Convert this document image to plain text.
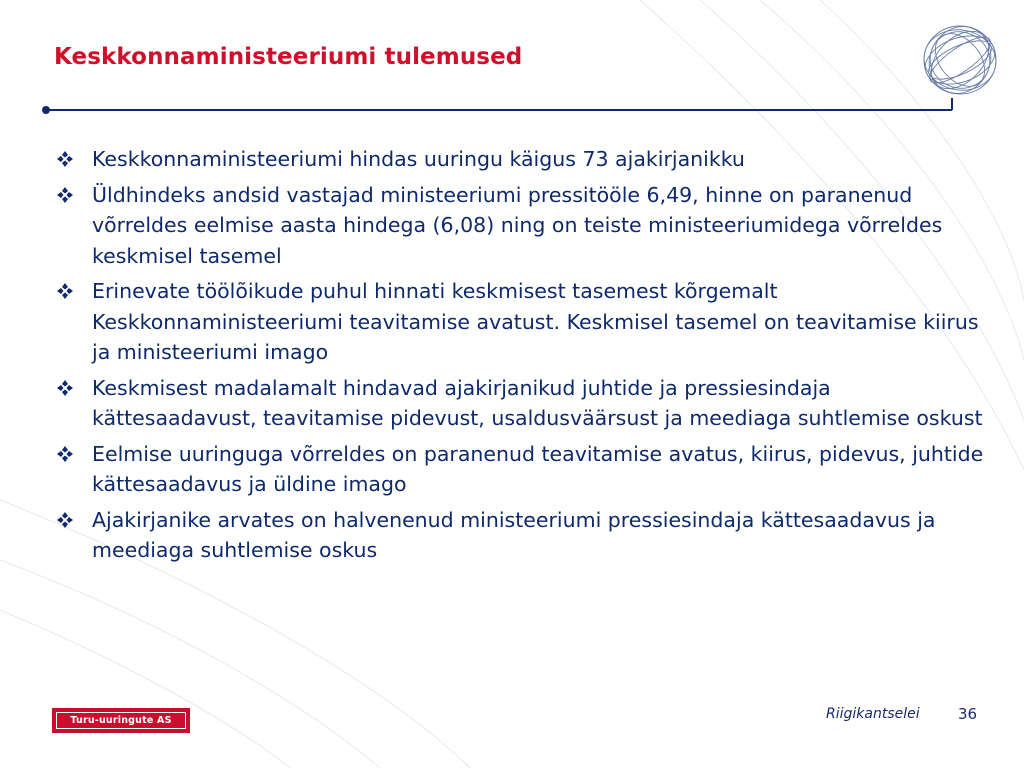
Keskkonnaministeeriumi tulemused
Keskkonnaministeeriumi hindas uuringu käigus 73 ajakirjanikku
Üldhindeks andsid vastajad ministeeriumi pressitööle 6,49, hinne on paranenud võrreldes eelmise aasta hindega (6,08) ning on teiste ministeeriumidega võrreldes keskmisel tasemel
Erinevate töölõikude puhul hinnati keskmisest tasemest kõrgemalt Keskkonnaministeeriumi teavitamise avatust. Keskmisel tasemel on teavitamise kiirus ja ministeeriumi imago
Keskmisest madalamalt hindavad ajakirjanikud juhtide ja pressiesindaja kättesaadavust, teavitamise pidevust, usaldusväärsust ja meediaga suhtlemise oskust
Eelmise uuringuga võrreldes on paranenud teavitamise avatus, kiirus, pidevus, juhtide kättesaadavus ja üldine imago
Ajakirjanike arvates on halvenenud ministeeriumi pressiesindaja kättesaadavus ja meediaga suhtlemise oskus
Turu-uuringute AS	Riigikantselei	36
